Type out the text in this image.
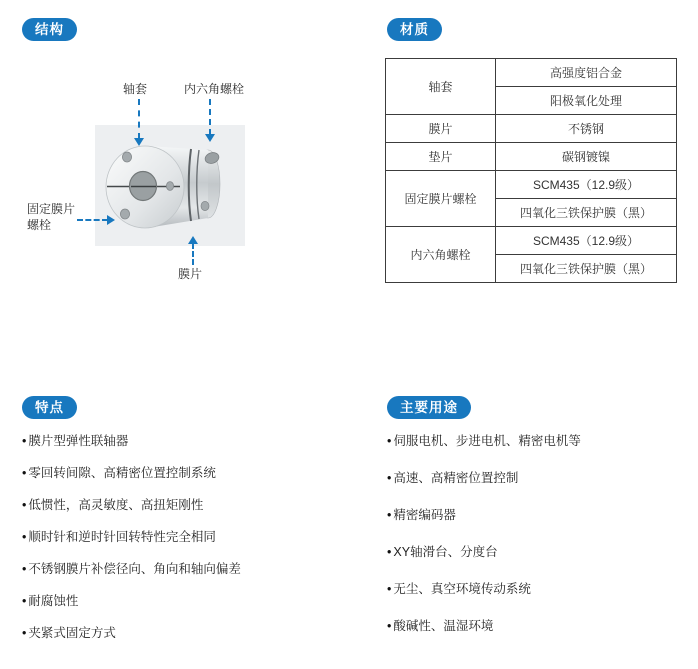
结构
轴套	内六角螺栓
固定膜片 螺栓
膜片
材质
轴套	高强度铝合金
	阳极氧化处理
膜片	不锈钢
垫片	碳钢镀镍
固定膜片螺栓	SCM435（12.9级）
	四氧化三铁保护膜（黑）
内六角螺栓	SCM435（12.9级）
	四氧化三铁保护膜（黑）
特点
• 膜片型弹性联轴器
• 零回转间隙、高精密位置控制系统
• 低惯性，高灵敏度、高扭矩刚性
• 顺时针和逆时针回转特性完全相同
• 不锈钢膜片补偿径向、角向和轴向偏差
• 耐腐蚀性
• 夹紧式固定方式
主要用途
• 伺服电机、步进电机、精密电机等
• 高速、高精密位置控制
• 精密编码器
• XY轴滑台、分度台
• 无尘、真空环境传动系统
• 酸碱性、温湿环境
